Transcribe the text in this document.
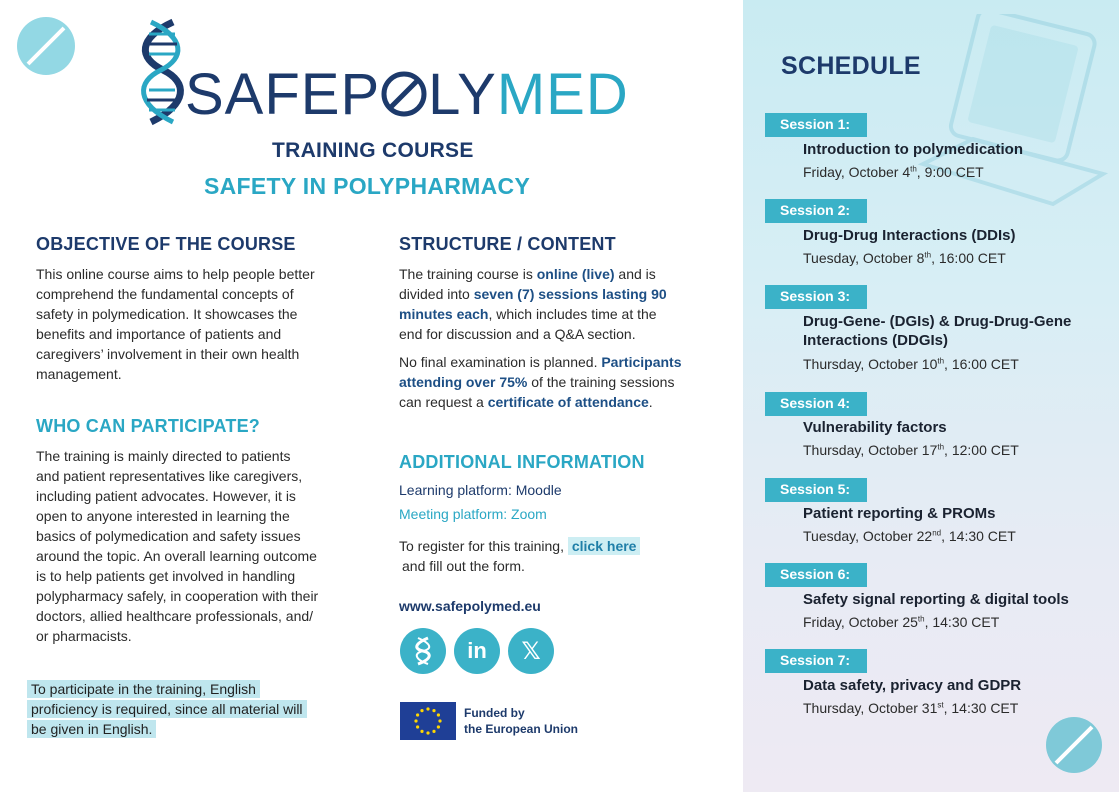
SAFEP LYMED
TRAINING COURSE
SAFETY IN POLYPHARMACY
OBJECTIVE OF THE COURSE
This online course aims to help people better
comprehend the fundamental concepts of
safety in polymedication. It showcases the
benefits and importance of patients and
caregivers’ involvement in their own health
management.
WHO CAN PARTICIPATE?
The training is mainly directed to patients
and patient representatives like caregivers,
including patient advocates. However, it is
open to anyone interested in learning the
basics of polymedication and safety issues
around the topic. An overall learning outcome
is to help patients get involved in handling
polypharmacy safely, in cooperation with their
doctors, allied healthcare professionals, and/
or pharmacists.
To participate in the training, English
proficiency is required, since all material will
be given in English.
STRUCTURE / CONTENT
The training course is online (live) and is
divided into seven (7) sessions lasting 90
minutes each, which includes time at the
end for discussion and a Q&A section.
No final examination is planned. Participants
attending over 75% of the training sessions
can request a certificate of attendance.
ADDITIONAL INFORMATION
Learning platform: Moodle
Meeting platform: Zoom
To register for this training, click here
and fill out the form.
www.safepolymed.eu
in 𝕏
Funded by
the European Union
SCHEDULE
Session 1:
Introduction to polymedication
Friday, October 4th, 9:00 CET
Session 2:
Drug-Drug Interactions (DDIs)
Tuesday, October 8th, 16:00 CET
Session 3:
Drug-Gene- (DGIs) & Drug-Drug-Gene Interactions (DDGIs)
Thursday, October 10th, 16:00 CET
Session 4:
Vulnerability factors
Thursday, October 17th, 12:00 CET
Session 5:
Patient reporting & PROMs
Tuesday, October 22nd, 14:30 CET
Session 6:
Safety signal reporting & digital tools
Friday, October 25th, 14:30 CET
Session 7:
Data safety, privacy and GDPR
Thursday, October 31st, 14:30 CET
